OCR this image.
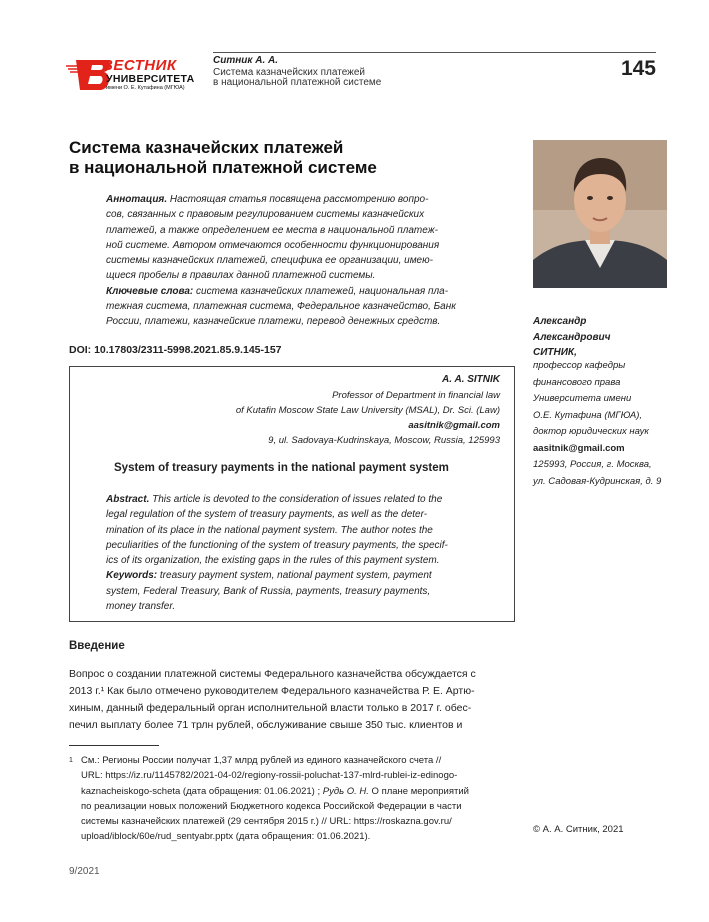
ВЕСТНИК
УНИВЕРСИТЕТА
имени О. Е. Кутафина (МГЮА)
Ситник А. А.
Система казначейских платежей
в национальной платежной системе
145
Система казначейских платежей
в национальной платежной системе
Аннотация. Настоящая статья посвящена рассмотрению вопро-
сов, связанных с правовым регулированием системы казначейских
платежей, а также определением ее места в национальной платеж-
ной системе. Автором отмечаются особенности функционирования
системы казначейских платежей, специфика ее организации, имею-
щиеся пробелы в правилах данной платежной системы.
Ключевые слова: система казначейских платежей, национальная пла-
тежная система, платежная система, Федеральное казначейство, Банк
России, платежи, казначейские платежи, перевод денежных средств.
DOI: 10.17803/2311-5998.2021.85.9.145-157
A. A. SITNIK
Professor of Department in financial law
of Kutafin Moscow State Law University (MSAL), Dr. Sci. (Law)
aasitnik@gmail.com
9, ul. Sadovaya-Kudrinskaya, Moscow, Russia, 125993
System of treasury payments in the national payment system
Abstract. This article is devoted to the consideration of issues related to the
legal regulation of the system of treasury payments, as well as the deter-
mination of its place in the national payment system. The author notes the
peculiarities of the functioning of the system of treasury payments, the specif-
ics of its organization, the existing gaps in the rules of this payment system.
Keywords: treasury payment system, national payment system, payment
system, Federal Treasury, Bank of Russia, payments, treasury payments,
money transfer.
Александр
Александрович
СИТНИК,
профессор кафедры
финансового права
Университета имени
О.Е. Кутафина (МГЮА),
доктор юридических наук
aasitnik@gmail.com
125993, Россия, г. Москва,
ул. Садовая-Кудринская, д. 9
Введение
Вопрос о создании платежной системы Федерального казначейства обсуждается с
2013 г.¹ Как было отмечено руководителем Федерального казначейства Р. Е. Артю-
хиным, данный федеральный орган исполнительной власти только в 2017 г. обес-
печил выплату более 71 трлн рублей, обслуживание свыше 350 тыс. клиентов и
1 См.: Регионы России получат 1,37 млрд рублей из единого казначейского счета //
URL: https://iz.ru/1145782/2021-04-02/regiony-rossii-poluchat-137-mlrd-rublei-iz-edinogo-
kaznacheiskogo-scheta (дата обращения: 01.06.2021) ; Рудь О. Н. О плане мероприятий
по реализации новых положений Бюджетного кодекса Российской Федерации в части
системы казначейских платежей (29 сентября 2015 г.) // URL: https://roskazna.gov.ru/
upload/iblock/60e/rud_sentyabr.pptx (дата обращения: 01.06.2021).
© А. А. Ситник, 2021
9/2021
